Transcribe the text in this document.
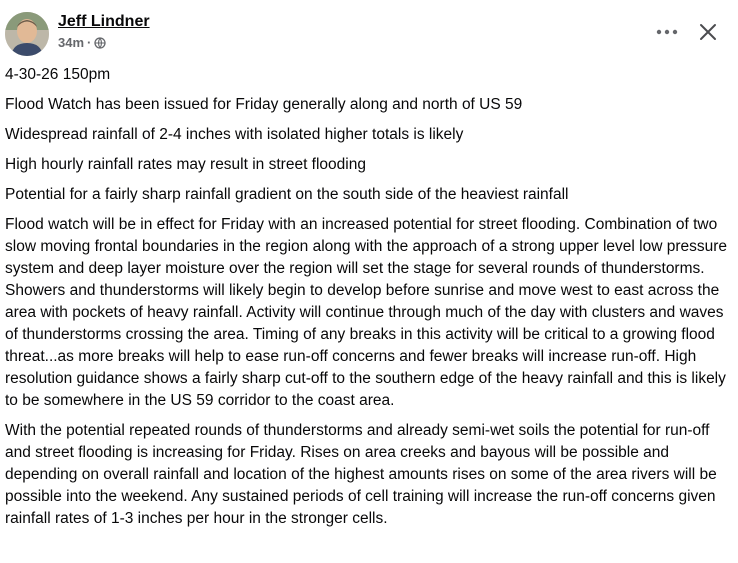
Jeff Lindner
34m ·

4-30-26 150pm

Flood Watch has been issued for Friday generally along and north of US 59

Widespread rainfall of 2-4 inches with isolated higher totals is likely

High hourly rainfall rates may result in street flooding

Potential for a fairly sharp rainfall gradient on the south side of the heaviest rainfall

Flood watch will be in effect for Friday with an increased potential for street flooding. Combination of two slow moving frontal boundaries in the region along with the approach of a strong upper level low pressure system and deep layer moisture over the region will set the stage for several rounds of thunderstorms. Showers and thunderstorms will likely begin to develop before sunrise and move west to east across the area with pockets of heavy rainfall. Activity will continue through much of the day with clusters and waves of thunderstorms crossing the area. Timing of any breaks in this activity will be critical to a growing flood threat...as more breaks will help to ease run-off concerns and fewer breaks will increase run-off. High resolution guidance shows a fairly sharp cut-off to the southern edge of the heavy rainfall and this is likely to be somewhere in the US 59 corridor to the coast area.

With the potential repeated rounds of thunderstorms and already semi-wet soils the potential for run-off and street flooding is increasing for Friday. Rises on area creeks and bayous will be possible and depending on overall rainfall and location of the highest amounts rises on some of the area rivers will be possible into the weekend. Any sustained periods of cell training will increase the run-off concerns given rainfall rates of 1-3 inches per hour in the stronger cells.
